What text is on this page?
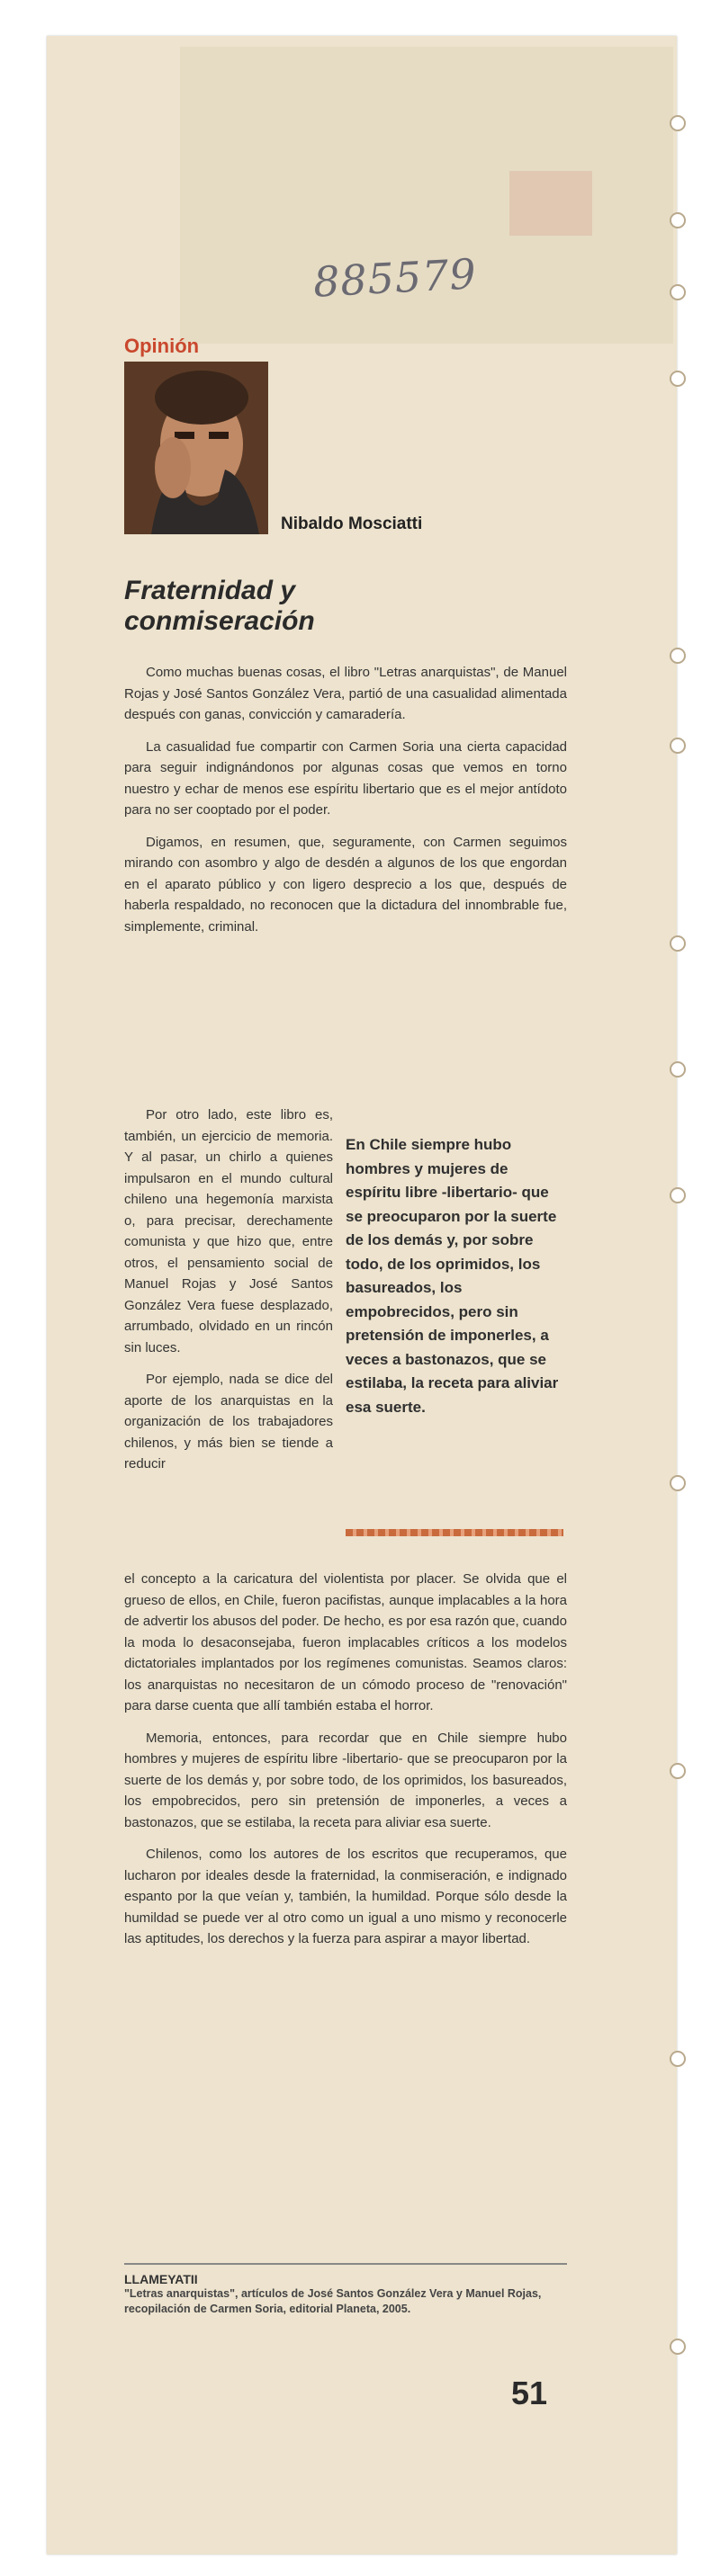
885579
Opinión
Nibaldo Mosciatti
Fraternidad y conmiseración

Como muchas buenas cosas, el libro "Letras anarquistas", de Manuel Rojas y José Santos González Vera, partió de una casualidad alimentada después con ganas, convicción y camaradería.

La casualidad fue compartir con Carmen Soria una cierta capacidad para seguir indignándonos por algunas cosas que vemos en torno nuestro y echar de menos ese espíritu libertario que es el mejor antídoto para no ser cooptado por el poder.

Digamos, en resumen, que, seguramente, con Carmen seguimos mirando con asombro y algo de desdén a algunos de los que engordan en el aparato público y con ligero desprecio a los que, después de haberla respaldado, no reconocen que la dictadura del innombrable fue, simplemente, criminal.

Por otro lado, este libro es, también, un ejercicio de memoria. Y al pasar, un chirlo a quienes impulsaron en el mundo cultural chileno una hegemonía marxista o, para precisar, derechamente comunista y que hizo que, entre otros, el pensamiento social de Manuel Rojas y José Santos González Vera fuese desplazado, arrumbado, olvidado en un rincón sin luces.

Por ejemplo, nada se dice del aporte de los anarquistas en la organización de los trabajadores chilenos, y más bien se tiende a reducir

En Chile siempre hubo hombres y mujeres de espíritu libre -libertario- que se preocuparon por la suerte de los demás y, por sobre todo, de los oprimidos, los basureados, los empobrecidos, pero sin pretensión de imponerles, a veces a bastonazos, que se estilaba, la receta para aliviar esa suerte.

el concepto a la caricatura del violentista por placer. Se olvida que el grueso de ellos, en Chile, fueron pacifistas, aunque implacables a la hora de advertir los abusos del poder. De hecho, es por esa razón que, cuando la moda lo desaconsejaba, fueron implacables críticos a los modelos dictatoriales implantados por los regímenes comunistas. Seamos claros: los anarquistas no necesitaron de un cómodo proceso de "renovación" para darse cuenta que allí también estaba el horror.

Memoria, entonces, para recordar que en Chile siempre hubo hombres y mujeres de espíritu libre -libertario- que se preocuparon por la suerte de los demás y, por sobre todo, de los oprimidos, los basureados, los empobrecidos, pero sin pretensión de imponerles, a veces a bastonazos, que se estilaba, la receta para aliviar esa suerte.

Chilenos, como los autores de los escritos que recuperamos, que lucharon por ideales desde la fraternidad, la conmiseración, e indignado espanto por la que veían y, también, la humildad. Porque sólo desde la humildad se puede ver al otro como un igual a uno mismo y reconocerle las aptitudes, los derechos y la fuerza para aspirar a mayor libertad.

LLAMEYATII
"Letras anarquistas", artículos de José Santos González Vera y Manuel Rojas, recopilación de Carmen Soria, editorial Planeta, 2005.
51
